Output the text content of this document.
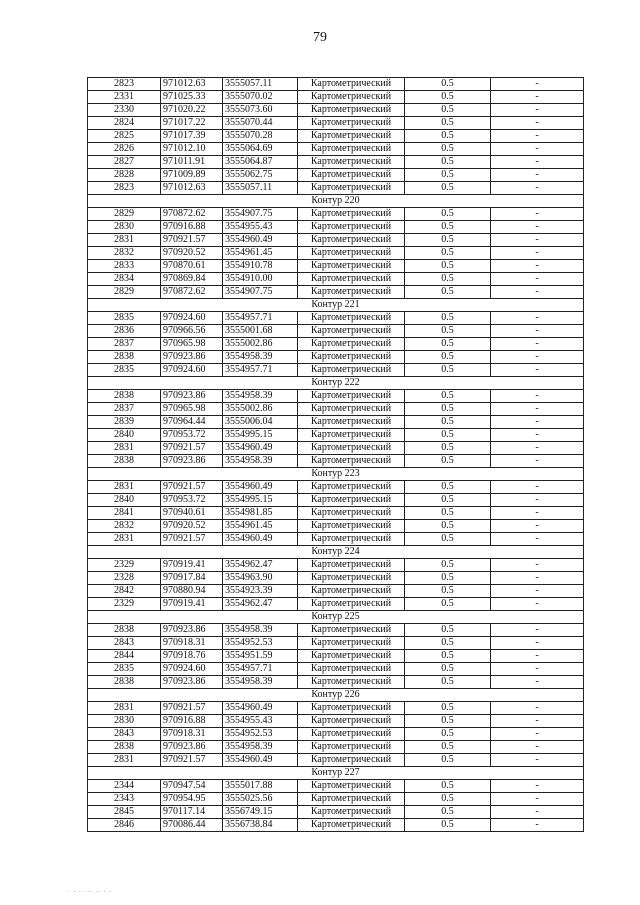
79
2823	971012.63	3555057.11	Картометрический	0.5	-
2331	971025.33	3555070.02	Картометрический	0.5	-
2330	971020.22	3555073.60	Картометрический	0.5	-
2824	971017.22	3555070.44	Картометрический	0.5	-
2825	971017.39	3555070.28	Картометрический	0.5	-
2826	971012.10	3555064.69	Картометрический	0.5	-
2827	971011.91	3555064.87	Картометрический	0.5	-
2828	971009.89	3555062.75	Картометрический	0.5	-
2823	971012.63	3555057.11	Картометрический	0.5	-
Контур 220					
2829	970872.62	3554907.75	Картометрический	0.5	-
2830	970916.88	3554955.43	Картометрический	0.5	-
2831	970921.57	3554960.49	Картометрический	0.5	-
2832	970920.52	3554961.45	Картометрический	0.5	-
2833	970870.61	3554910.78	Картометрический	0.5	-
2834	970869.84	3554910.00	Картометрический	0.5	-
2829	970872.62	3554907.75	Картометрический	0.5	-
Контур 221					
2835	970924.60	3554957.71	Картометрический	0.5	-
2836	970966.56	3555001.68	Картометрический	0.5	-
2837	970965.98	3555002.86	Картометрический	0.5	-
2838	970923.86	3554958.39	Картометрический	0.5	-
2835	970924.60	3554957.71	Картометрический	0.5	-
Контур 222					
2838	970923.86	3554958.39	Картометрический	0.5	-
2837	970965.98	3555002.86	Картометрический	0.5	-
2839	970964.44	3555006.04	Картометрический	0.5	-
2840	970953.72	3554995.15	Картометрический	0.5	-
2831	970921.57	3554960.49	Картометрический	0.5	-
2838	970923.86	3554958.39	Картометрический	0.5	-
Контур 223					
2831	970921.57	3554960.49	Картометрический	0.5	-
2840	970953.72	3554995.15	Картометрический	0.5	-
2841	970940.61	3554981.85	Картометрический	0.5	-
2832	970920.52	3554961.45	Картометрический	0.5	-
2831	970921.57	3554960.49	Картометрический	0.5	-
Контур 224					
2329	970919.41	3554962.47	Картометрический	0.5	-
2328	970917.84	3554963.90	Картометрический	0.5	-
2842	970880.94	3554923.39	Картометрический	0.5	-
2329	970919.41	3554962.47	Картометрический	0.5	-
Контур 225					
2838	970923.86	3554958.39	Картометрический	0.5	-
2843	970918.31	3554952.53	Картометрический	0.5	-
2844	970918.76	3554951.59	Картометрический	0.5	-
2835	970924.60	3554957.71	Картометрический	0.5	-
2838	970923.86	3554958.39	Картометрический	0.5	-
Контур 226					
2831	970921.57	3554960.49	Картометрический	0.5	-
2830	970916.88	3554955.43	Картометрический	0.5	-
2843	970918.31	3554952.53	Картометрический	0.5	-
2838	970923.86	3554958.39	Картометрический	0.5	-
2831	970921.57	3554960.49	Картометрический	0.5	-
Контур 227					
2344	970947.54	3555017.88	Картометрический	0.5	-
2343	970954.95	3555025.56	Картометрический	0.5	-
2845	970117.14	3556749.15	Картометрический	0.5	-
2846	970086.44	3556738.84	Картометрический	0.5	-
. . .. .. .. . .
